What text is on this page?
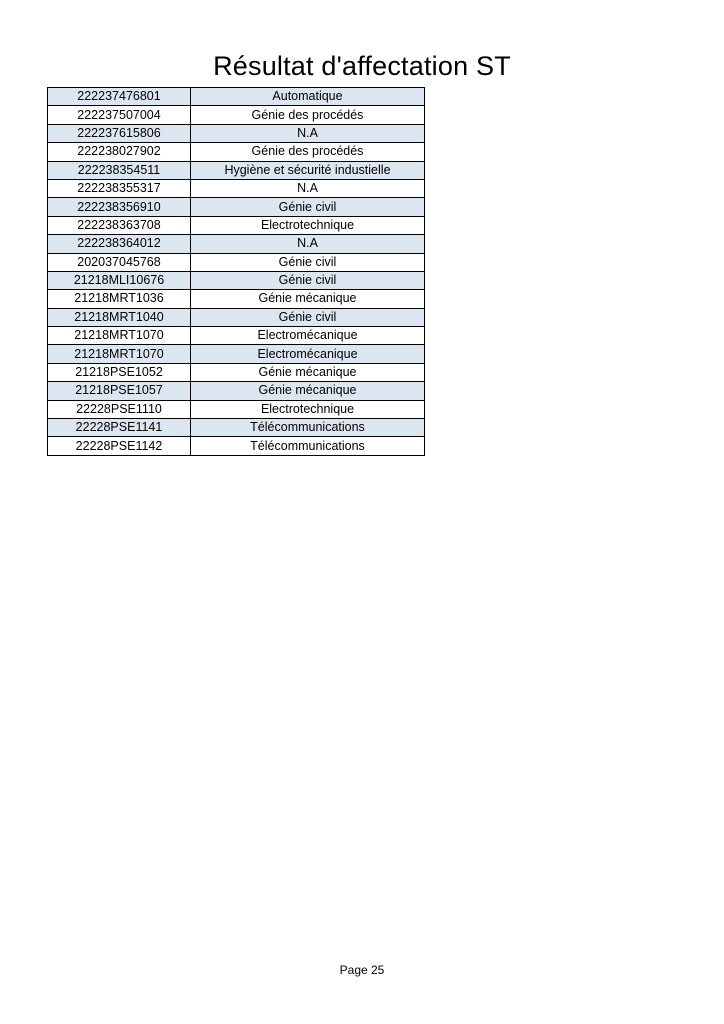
Résultat d'affectation ST
222237476801	Automatique
222237507004	Génie des procédés
222237615806	N.A
222238027902	Génie des procédés
222238354511	Hygiène et sécurité industielle
222238355317	N.A
222238356910	Génie civil
222238363708	Electrotechnique
222238364012	N.A
202037045768	Génie civil
21218MLI10676	Génie civil
21218MRT1036	Génie mécanique
21218MRT1040	Génie civil
21218MRT1070	Electromécanique
21218MRT1070	Electromécanique
21218PSE1052	Génie mécanique
21218PSE1057	Génie mécanique
22228PSE1110	Electrotechnique
22228PSE1141	Télécommunications
22228PSE1142	Télécommunications
Page 25
